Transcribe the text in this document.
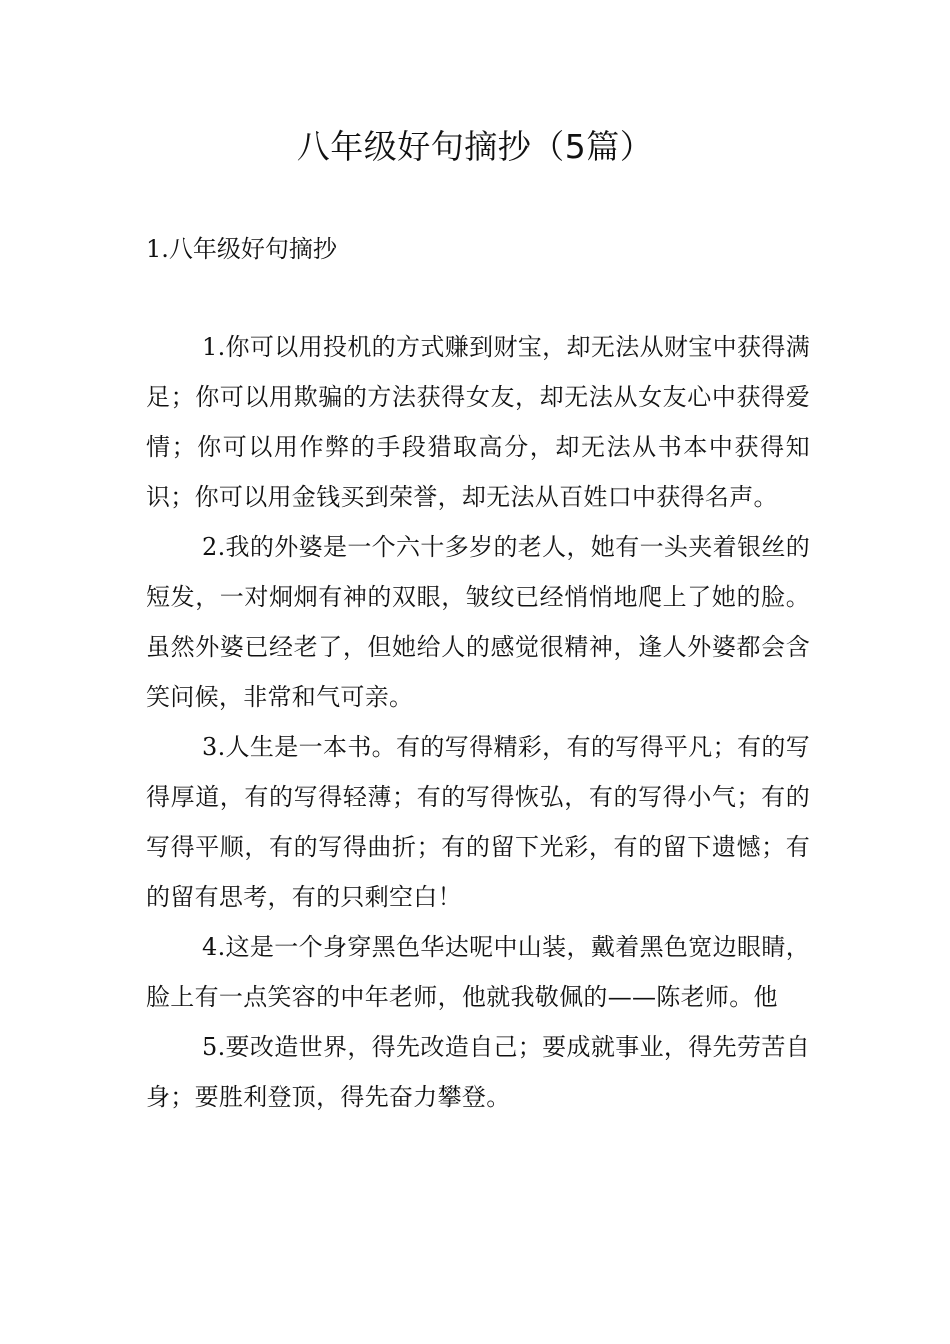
八年级好句摘抄（5篇）
1.八年级好句摘抄

1.你可以用投机的方式赚到财宝，却无法从财宝中获得满足；你可以用欺骗的方法获得女友，却无法从女友心中获得爱情；你可以用作弊的手段猎取高分，却无法从书本中获得知识；你可以用金钱买到荣誉，却无法从百姓口中获得名声。

2.我的外婆是一个六十多岁的老人，她有一头夹着银丝的短发，一对炯炯有神的双眼，皱纹已经悄悄地爬上了她的脸。虽然外婆已经老了，但她给人的感觉很精神，逢人外婆都会含笑问候，非常和气可亲。

3.人生是一本书。有的写得精彩，有的写得平凡；有的写得厚道，有的写得轻薄；有的写得恢弘，有的写得小气；有的写得平顺，有的写得曲折；有的留下光彩，有的留下遗憾；有的留有思考，有的只剩空白！

4.这是一个身穿黑色华达呢中山装，戴着黑色宽边眼睛，脸上有一点笑容的中年老师，他就我敬佩的——陈老师。他

5.要改造世界，得先改造自己；要成就事业，得先劳苦自身；要胜利登顶，得先奋力攀登。
